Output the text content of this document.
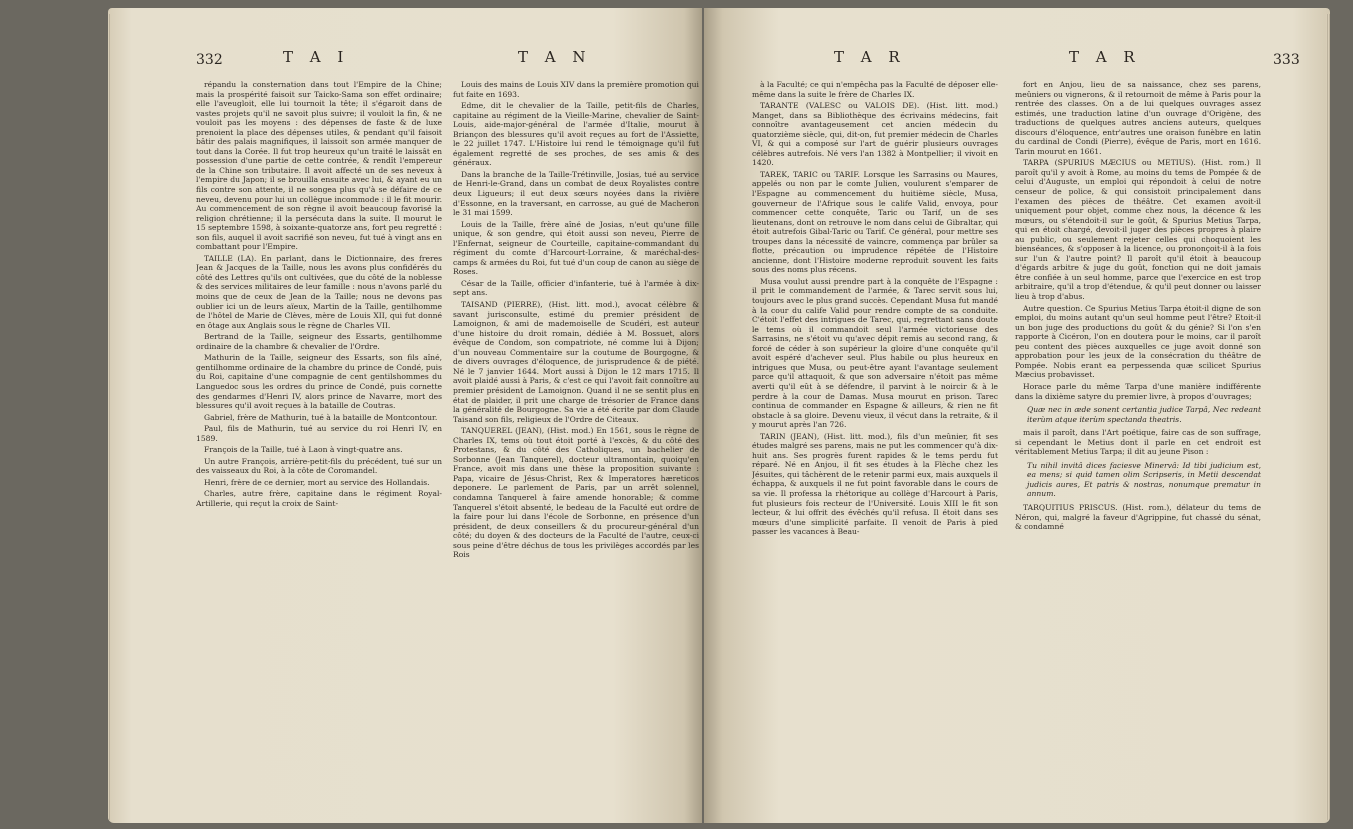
332	T A I	T A N

répandu la consternation dans tout l'Empire de la Chine; mais la prospérité faisoit sur Taicko-Sama son effet ordinaire; elle l'aveugloit, elle lui tournoit la tête; il s'égaroit dans de vastes projets qu'il ne savoit plus suivre; il vouloit la fin, & ne vouloit pas les moyens : des dépenses de faste & de luxe prenoient la place des dépenses utiles, & pendant qu'il faisoit bâtir des palais magnifiques, il laissoit son armée manquer de tout dans la Corée. Il fut trop heureux qu'un traité le laissât en possession d'une partie de cette contrée, & rendît l'empereur de la Chine son tributaire. Il avoit affecté un de ses neveux à l'empire du Japon; il se brouilla ensuite avec lui, & ayant eu un fils contre son attente, il ne songea plus qu'à se défaire de ce neveu, devenu pour lui un collègue incommode : il le fit mourir. Au commencement de son règne il avoit beaucoup favorisé la religion chrétienne; il la persécuta dans la suite. Il mourut le 15 septembre 1598, à soixante-quatorze ans, fort peu regretté : son fils, auquel il avoit sacrifié son neveu, fut tué à vingt ans en combattant pour l'Empire.

TAILLE (LA). En parlant, dans le Dictionnaire, des freres Jean & Jacques de la Taille, nous les avons plus confidérés du côté des Lettres qu'ils ont cultivées, que du côté de la noblesse & des services militaires de leur famille : nous n'avons parlé du moins que de ceux de Jean de la Taille; nous ne devons pas oublier ici un de leurs aïeux, Martin de la Taille, gentilhomme de l'hôtel de Marie de Clèves, mère de Louis XII, qui fut donné en ôtage aux Anglais sous le règne de Charles VII.

Bertrand de la Taille, seigneur des Essarts, gentilhomme ordinaire de la chambre & chevalier de l'Ordre.

Mathurin de la Taille, seigneur des Essarts, son fils aîné, gentilhomme ordinaire de la chambre du prince de Condé, puis du Roi, capitaine d'une compagnie de cent gentilshommes du Languedoc sous les ordres du prince de Condé, puis cornette des gendarmes d'Henri IV, alors prince de Navarre, mort des blessures qu'il avoit reçues à la bataille de Coutras.

Gabriel, frère de Mathurin, tué à la bataille de Montcontour.

Paul, fils de Mathurin, tué au service du roi Henri IV, en 1589.

François de la Taille, tué à Laon à vingt-quatre ans.

Un autre François, arrière-petit-fils du précédent, tué sur un des vaisseaux du Roi, à la côte de Coromandel.

Henri, frère de ce dernier, mort au service des Hollandais.

Charles, autre frère, capitaine dans le régiment Royal-Artillerie, qui reçut la croix de Saint-

Louis des mains de Louis XIV dans la première promotion qui fut faite en 1693.

Edme, dit le chevalier de la Taille, petit-fils de Charles, capitaine au régiment de la Vieille-Marine, chevalier de Saint-Louis, aide-major-général de l'armée d'Italie, mourut à Briançon des blessures qu'il avoit reçues au fort de l'Assiette, le 22 juillet 1747. L'Histoire lui rend le témoignage qu'il fut également regretté de ses proches, de ses amis & des généraux.

Dans la branche de la Taille-Trétinville, Josias, tué au service de Henri-le-Grand, dans un combat de deux Royalistes contre deux Ligueurs; il eut deux sœurs noyées dans la rivière d'Essonne, en la traversant, en carrosse, au gué de Macheron le 31 mai 1599.

Louis de la Taille, frère aîné de Josias, n'eut qu'une fille unique, & son gendre, qui étoit aussi son neveu, Pierre de l'Enfernat, seigneur de Courteille, capitaine-commandant du régiment du comte d'Harcourt-Lorraine, & maréchal-des-camps & armées du Roi, fut tué d'un coup de canon au siège de Roses.

César de la Taille, officier d'infanterie, tué à l'armée à dix-sept ans.

TAISAND (PIERRE), (Hist. litt. mod.), avocat célèbre & savant jurisconsulte, estimé du premier président de Lamoignon, & ami de mademoiselle de Scudéri, est auteur d'une histoire du droit romain, dédiée à M. Bossuet, alors évêque de Condom, son compatriote, né comme lui à Dijon; d'un nouveau Commentaire sur la coutume de Bourgogne, & de divers ouvrages d'éloquence, de jurisprudence & de piété. Né le 7 janvier 1644. Mort aussi à Dijon le 12 mars 1715. Il avoit plaidé aussi à Paris, & c'est ce qui l'avoit fait connoître au premier président de Lamoignon. Quand il ne se sentit plus en état de plaider, il prit une charge de trésorier de France dans la généralité de Bourgogne. Sa vie a été écrite par dom Claude Taisand son fils, religieux de l'Ordre de Citeaux.

TANQUEREL (JEAN), (Hist. mod.) En 1561, sous le règne de Charles IX, tems où tout étoit porté à l'excès, & du côté des Protestans, & du côté des Catholiques, un bachelier de Sorbonne (Jean Tanquerel), docteur ultramontain, quoiqu'en France, avoit mis dans une thèse la proposition suivante : Papa, vicaire de Jésus-Christ, Rex & Imperatores hæreticos deponere. Le parlement de Paris, par un arrêt solennel, condamna Tanquerel à faire amende honorable; & comme Tanquerel s'étoit absenté, le bedeau de la Faculté eut ordre de la faire pour lui dans l'école de Sorbonne, en présence d'un président, de deux conseillers & du procureur-général d'un côté; du doyen & des docteurs de la Faculté de l'autre, ceux-ci sous peine d'être déchus de tous les privilèges accordés par les Rois

T A R	T A R	333

à la Faculté; ce qui n'empêcha pas la Faculté de déposer elle-même dans la suite le frère de Charles IX.

TARANTE (VALESC ou VALOIS DE). (Hist. litt. mod.) Manget, dans sa Bibliothèque des écrivains médecins, fait connoître avantageusement cet ancien médecin du quatorzième siècle, qui, dit-on, fut premier médecin de Charles VI, & qui a composé sur l'art de guérir plusieurs ouvrages célèbres autrefois. Né vers l'an 1382 à Montpellier; il vivoit en 1420.

TAREK, TARIC ou TARIF. Lorsque les Sarrasins ou Maures, appelés ou non par le comte Julien, voulurent s'emparer de l'Espagne au commencement du huitième siècle, Musa, gouverneur de l'Afrique sous le calife Valid, envoya, pour commencer cette conquête, Taric ou Tarif, un de ses lieutenans, dont on retrouve le nom dans celui de Gibraltar, qui étoit autrefois Gibal-Taric ou Tarif. Ce général, pour mettre ses troupes dans la nécessité de vaincre, commença par brûler sa flotte, précaution ou imprudence répétée de l'Histoire ancienne, dont l'Histoire moderne reproduit souvent les faits sous des noms plus récens.

Musa voulut aussi prendre part à la conquête de l'Espagne : il prit le commandement de l'armée, & Tarec servit sous lui, toujours avec le plus grand succès. Cependant Musa fut mandé à la cour du calife Valid pour rendre compte de sa conduite. C'étoit l'effet des intrigues de Tarec, qui, regrettant sans doute le tems où il commandoit seul l'armée victorieuse des Sarrasins, ne s'étoit vu qu'avec dépit remis au second rang, & forcé de céder à son supérieur la gloire d'une conquête qu'il avoit espéré d'achever seul. Plus habile ou plus heureux en intrigues que Musa, ou peut-être ayant l'avantage seulement parce qu'il attaquoit, & que son adversaire n'étoit pas même averti qu'il eût à se défendre, il parvint à le noircir & à le perdre à la cour de Damas. Musa mourut en prison. Tarec continua de commander en Espagne & ailleurs, & rien ne fit obstacle à sa gloire. Devenu vieux, il vécut dans la retraite, & il y mourut après l'an 726.

TARIN (JEAN), (Hist. litt. mod.), fils d'un meûnier, fit ses études malgré ses parens, mais ne put les commencer qu'à dix-huit ans. Ses progrès furent rapides & le tems perdu fut réparé. Né en Anjou, il fit ses études à la Flèche chez les Jésuites, qui tâchèrent de le retenir parmi eux, mais auxquels il échappa, & auxquels il ne fut point favorable dans le cours de sa vie. Il professa la rhétorique au collège d'Harcourt à Paris, fut plusieurs fois recteur de l'Université. Louis XIII le fit son lecteur, & lui offrit des évêchés qu'il refusa. Il étoit dans ses mœurs d'une simplicité parfaite. Il venoit de Paris à pied passer les vacances à Beau-

fort en Anjou, lieu de sa naissance, chez ses parens, meûniers ou vignerons, & il retournoit de même à Paris pour la rentrée des classes. On a de lui quelques ouvrages assez estimés, une traduction latine d'un ouvrage d'Origène, des traductions de quelques autres anciens auteurs, quelques discours d'éloquence, entr'autres une oraison funèbre en latin du cardinal de Condi (Pierre), évêque de Paris, mort en 1616. Tarin mourut en 1661.

TARPA (SPURIUS MÆCIUS ou METIUS). (Hist. rom.) Il paroît qu'il y avoit à Rome, au moins du tems de Pompée & de celui d'Auguste, un emploi qui répondoit à celui de notre censeur de police, & qui consistoit principalement dans l'examen des pièces de théâtre. Cet examen avoit-il uniquement pour objet, comme chez nous, la décence & les mœurs, ou s'étendoit-il sur le goût, & Spurius Metius Tarpa, qui en étoit chargé, devoit-il juger des pièces propres à plaire au public, ou seulement rejeter celles qui choquoient les bienséances, & s'opposer à la licence, ou prononçoit-il à la fois sur l'un & l'autre point? Il paroît qu'il étoit à beaucoup d'égards arbitre & juge du goût, fonction qui ne doit jamais être confiée à un seul homme, parce que l'exercice en est trop arbitraire, qu'il a trop d'étendue, & qu'il peut donner ou laisser lieu à trop d'abus.

Autre question. Ce Spurius Metius Tarpa étoit-il digne de son emploi, du moins autant qu'un seul homme peut l'être? Etoit-il un bon juge des productions du goût & du génie? Si l'on s'en rapporte à Cicéron, l'on en doutera pour le moins, car il paroît peu content des pièces auxquelles ce juge avoit donné son approbation pour les jeux de la consécration du théâtre de Pompée. Nobis erant ea perpessenda quæ scilicet Spurius Mæcius probavisset.

Horace parle du même Tarpa d'une manière indifférente dans la dixième satyre du premier livre, à propos d'ouvrages;

Quæ nec in æde sonent certantia judice Tarpâ, Nec redeant iterùm atque iterùm spectanda theatris.

mais il paroît, dans l'Art poétique, faire cas de son suffrage, si cependant le Metius dont il parle en cet endroit est véritablement Metius Tarpa; il dit au jeune Pison :

Tu nihil invitâ dices faciesve Minervâ: Id tibi judicium est, ea mens; si quid tamen olim Scripseris, in Metii descendat judicis aures, Et patris & nostras, nonumque prematur in annum.

TARQUITIUS PRISCUS. (Hist. rom.), délateur du tems de Néron, qui, malgré la faveur d'Agrippine, fut chassé du sénat, & condamné
